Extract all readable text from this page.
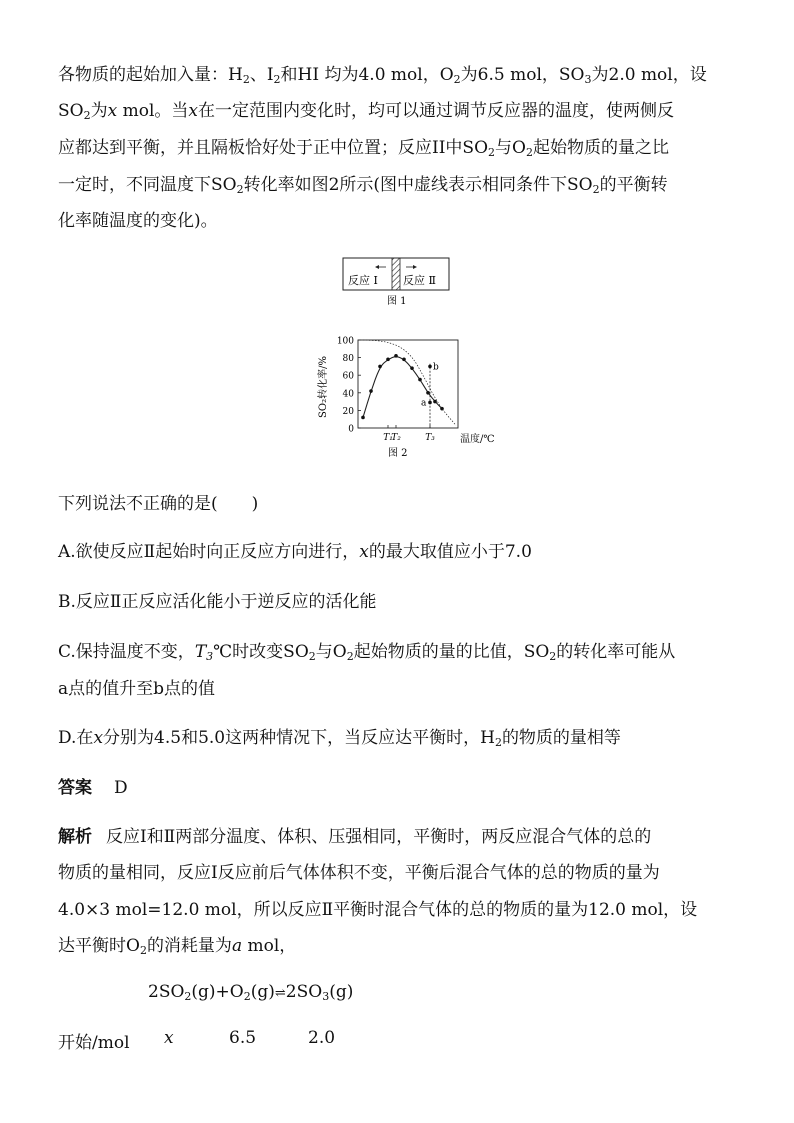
各物质的起始加入量：$H_2$、$I_2$和HI 均为4.0 mol，$O_2$为6.5 mol，$SO_3$为2.0 mol，设
$SO_2$为x mol。当x在一定范围内变化时，均可以通过调节反应器的温度，使两侧反
应都达到平衡，并且隔板恰好处于正中位置；反应II中$SO_2$与$O_2$起始物质的量之比
一定时，不同温度下$SO_2$转化率如图2所示(图中虚线表示相同条件下$SO_2$的平衡转
化率随温度的变化)。
反应 Ⅰ 反应 Ⅱ
图 1
0
20
40
60
80
100
T₁
T₂	T₃
a
b
SO₂转化率/%
温度/℃
图 2
下列说法不正确的是(　　)
A.欲使反应Ⅱ起始时向正反应方向进行，x的最大取值应小于7.0
B.反应Ⅱ正反应活化能小于逆反应的活化能
C.保持温度不变，$T_3℃$时改变$SO_2$与$O_2$起始物质的量的比值，$SO_2$的转化率可能从
a点的值升至b点的值
D.在x分别为4.5和5.0这两种情况下，当反应达平衡时，$H_2$的物质的量相等
答案 D
解析 反应Ⅰ和Ⅱ两部分温度、体积、压强相同，平衡时，两反应混合气体的总的
物质的量相同，反应Ⅰ反应前后气体体积不变，平衡后混合气体的总的物质的量为
4.0×3 mol=12.0 mol，所以反应Ⅱ平衡时混合气体的总的物质的量为12.0 mol，设
达平衡时$O_2$的消耗量为a mol，
$2SO_2(g)+O_2(g)\rightleftharpoons 2SO_3(g)$
开始/mol x	6.5	2.0
